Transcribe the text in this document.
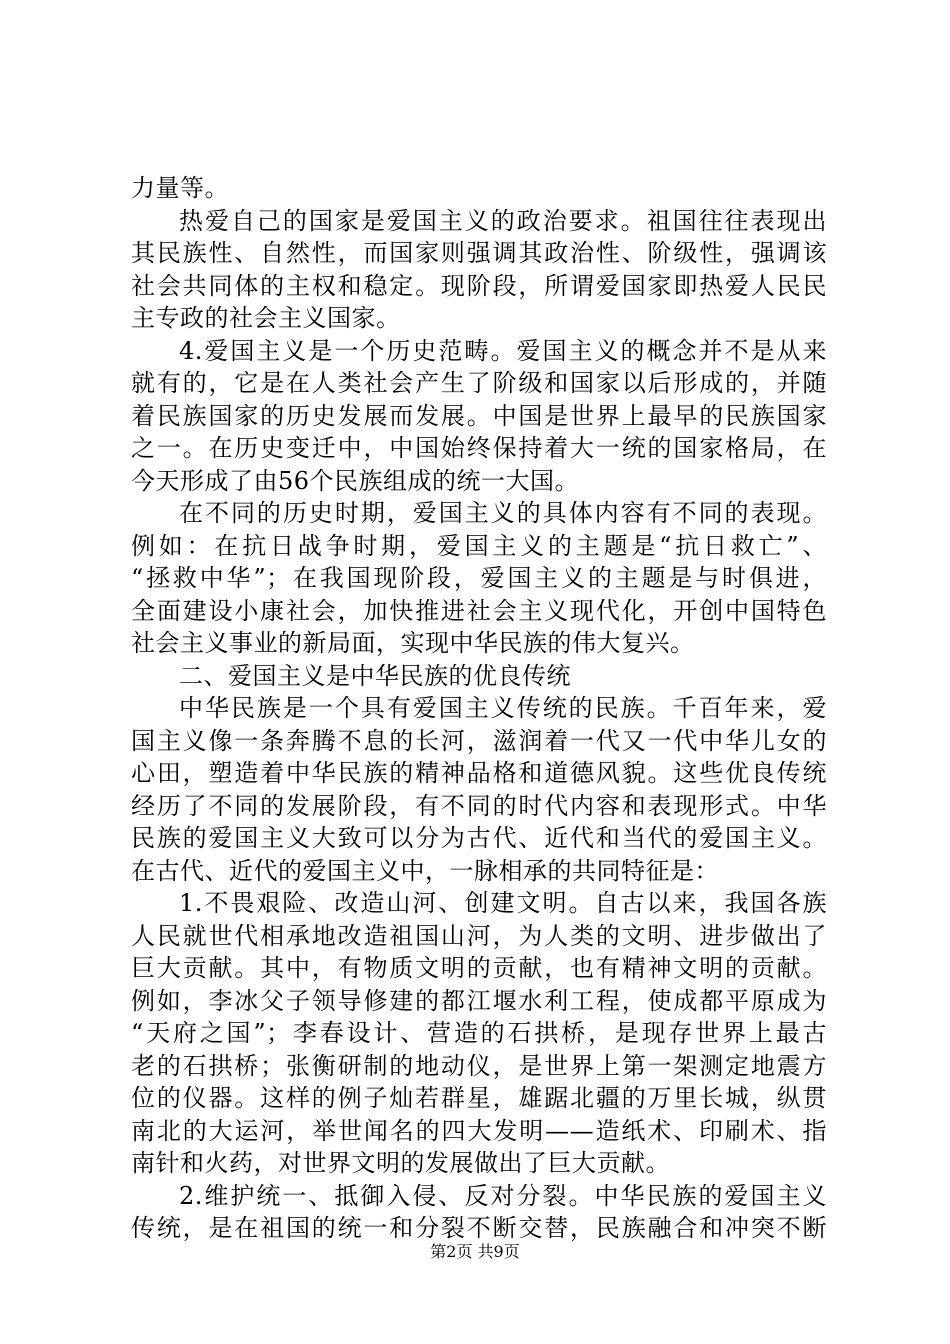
力量等。
热爱自己的国家是爱国主义的政治要求。祖国往往表现出
其民族性、自然性，而国家则强调其政治性、阶级性，强调该
社会共同体的主权和稳定。现阶段，所谓爱国家即热爱人民民
主专政的社会主义国家。
4.爱国主义是一个历史范畴。爱国主义的概念并不是从来
就有的，它是在人类社会产生了阶级和国家以后形成的，并随
着民族国家的历史发展而发展。中国是世界上最早的民族国家
之一。在历史变迁中，中国始终保持着大一统的国家格局，在
今天形成了由56个民族组成的统一大国。
在不同的历史时期，爱国主义的具体内容有不同的表现。
例如：在抗日战争时期，爱国主义的主题是“抗日救亡”、
“拯救中华”；在我国现阶段，爱国主义的主题是与时俱进，
全面建设小康社会，加快推进社会主义现代化，开创中国特色
社会主义事业的新局面，实现中华民族的伟大复兴。
二、爱国主义是中华民族的优良传统
中华民族是一个具有爱国主义传统的民族。千百年来，爱
国主义像一条奔腾不息的长河，滋润着一代又一代中华儿女的
心田，塑造着中华民族的精神品格和道德风貌。这些优良传统
经历了不同的发展阶段，有不同的时代内容和表现形式。中华
民族的爱国主义大致可以分为古代、近代和当代的爱国主义。
在古代、近代的爱国主义中，一脉相承的共同特征是：
1.不畏艰险、改造山河、创建文明。自古以来，我国各族
人民就世代相承地改造祖国山河，为人类的文明、进步做出了
巨大贡献。其中，有物质文明的贡献，也有精神文明的贡献。
例如，李冰父子领导修建的都江堰水利工程，使成都平原成为
“天府之国”；李春设计、营造的石拱桥，是现存世界上最古
老的石拱桥；张衡研制的地动仪，是世界上第一架测定地震方
位的仪器。这样的例子灿若群星，雄踞北疆的万里长城，纵贯
南北的大运河，举世闻名的四大发明——造纸术、印刷术、指
南针和火药，对世界文明的发展做出了巨大贡献。
2.维护统一、抵御入侵、反对分裂。中华民族的爱国主义
传统，是在祖国的统一和分裂不断交替，民族融合和冲突不断
第2页 共9页
